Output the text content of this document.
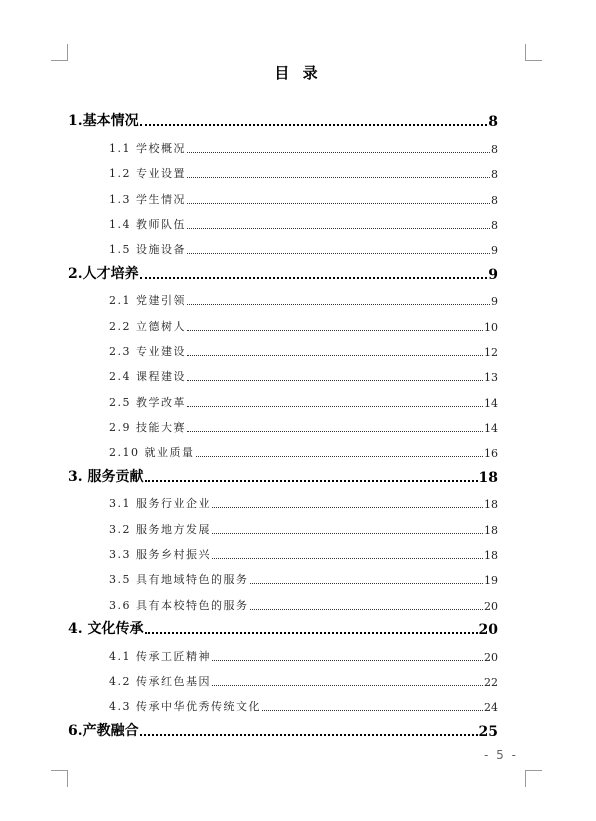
目 录
1.基本情况	8
1.1 学校概况	8
1.2 专业设置	8
1.3 学生情况	8
1.4 教师队伍	8
1.5 设施设备	9
2.人才培养	9
2.1 党建引领	9
2.2 立德树人	10
2.3 专业建设	12
2.4 课程建设	13
2.5 教学改革	14
2.9 技能大赛	14
2.10 就业质量	16
3. 服务贡献	18
3.1 服务行业企业	18
3.2 服务地方发展	18
3.3 服务乡村振兴	18
3.5 具有地域特色的服务	19
3.6 具有本校特色的服务	20
4. 文化传承	20
4.1 传承工匠精神	20
4.2 传承红色基因	22
4.3 传承中华优秀传统文化	24
6.产教融合	25
- 5 -
